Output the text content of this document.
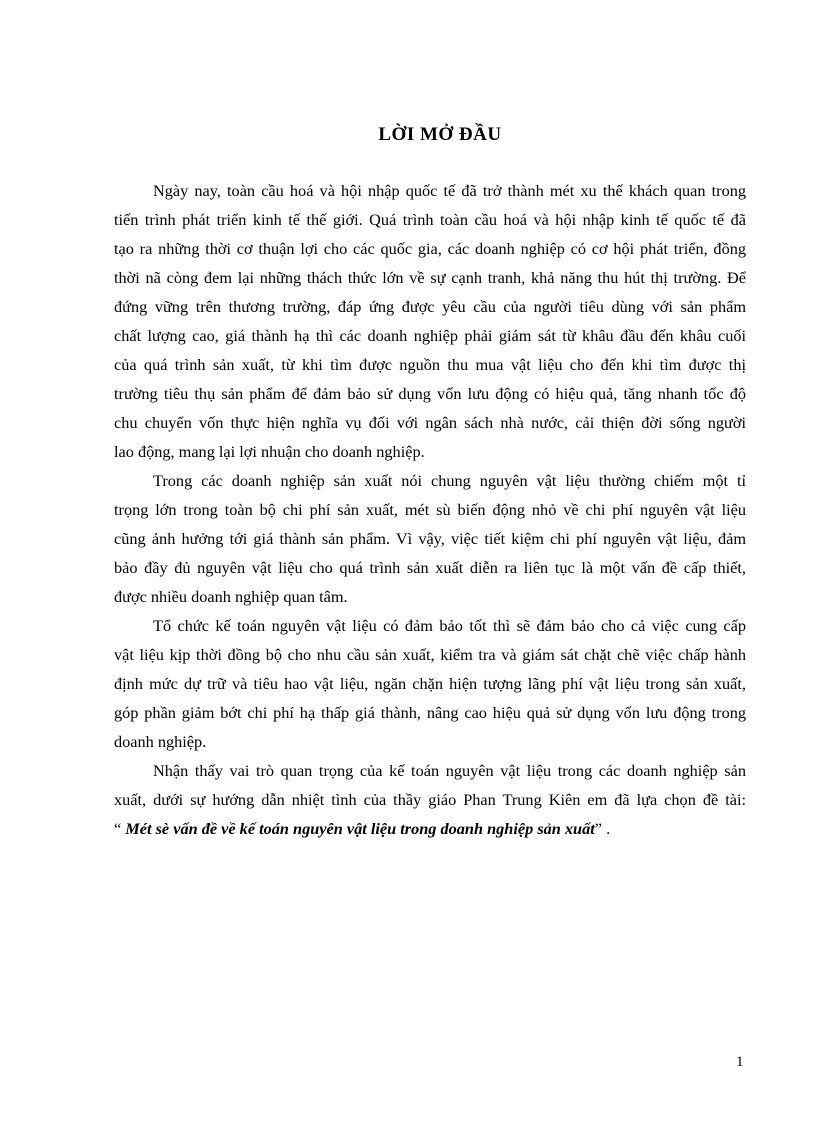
LỜI MỞ ĐẦU
Ngày nay, toàn cầu hoá và hội nhập quốc tế đã trở thành mét xu thế khách quan trong
tiến trình phát triển kinh tế thế giới. Quá trình toàn cầu hoá và hội nhập kinh tế quốc tế đã
tạo ra những thời cơ thuận lợi cho các quốc gia, các doanh nghiệp có cơ hội phát triển, đồng
thời nã còng đem lại những thách thức lớn về sự cạnh tranh, khả năng thu hút thị trường. Để
đứng vững trên thương trường, đáp ứng được yêu cầu của người tiêu dùng với sản phẩm
chất lượng cao, giá thành hạ thì các doanh nghiệp phải giám sát từ khâu đầu đến khâu cuối
của quá trình sản xuất, từ khi tìm được nguồn thu mua vật liệu cho đến khi tìm được thị
trường tiêu thụ sản phẩm để đảm bảo sử dụng vốn lưu động có hiệu quả, tăng nhanh tốc độ
chu chuyển vốn thực hiện nghĩa vụ đối với ngân sách nhà nước, cải thiện đời sống người
lao động, mang lại lợi nhuận cho doanh nghiệp.
Trong các doanh nghiệp sản xuất nói chung nguyên vật liệu thường chiếm một tỉ
trọng lớn trong toàn bộ chi phí sản xuất, mét sù biến động nhỏ về chi phí nguyên vật liệu
cũng ảnh hưởng tới giá thành sản phẩm. Vì vậy, việc tiết kiệm chi phí nguyên vật liệu, đảm
bảo đầy đủ nguyên vật liệu cho quá trình sản xuất diễn ra liên tục là một vấn đề cấp thiết,
được nhiều doanh nghiệp quan tâm.
Tổ chức kế toán nguyên vật liệu có đảm bảo tốt thì sẽ đảm bảo cho cả việc cung cấp
vật liệu kịp thời đồng bộ cho nhu cầu sản xuất, kiểm tra và giám sát chặt chẽ việc chấp hành
định mức dự trữ và tiêu hao vật liệu, ngăn chặn hiện tượng lãng phí vật liệu trong sản xuất,
góp phần giảm bớt chi phí hạ thấp giá thành, nâng cao hiệu quả sử dụng vốn lưu động trong
doanh nghiệp.
Nhận thấy vai trò quan trọng của kế toán nguyên vật liệu trong các doanh nghiệp sản
xuất, dưới sự hướng dẫn nhiệt tình của thầy giáo Phan Trung Kiên em đã lựa chọn đề tài:
“ Mét sè vấn đề về kế toán nguyên vật liệu trong doanh nghiệp sản xuất” .
1
